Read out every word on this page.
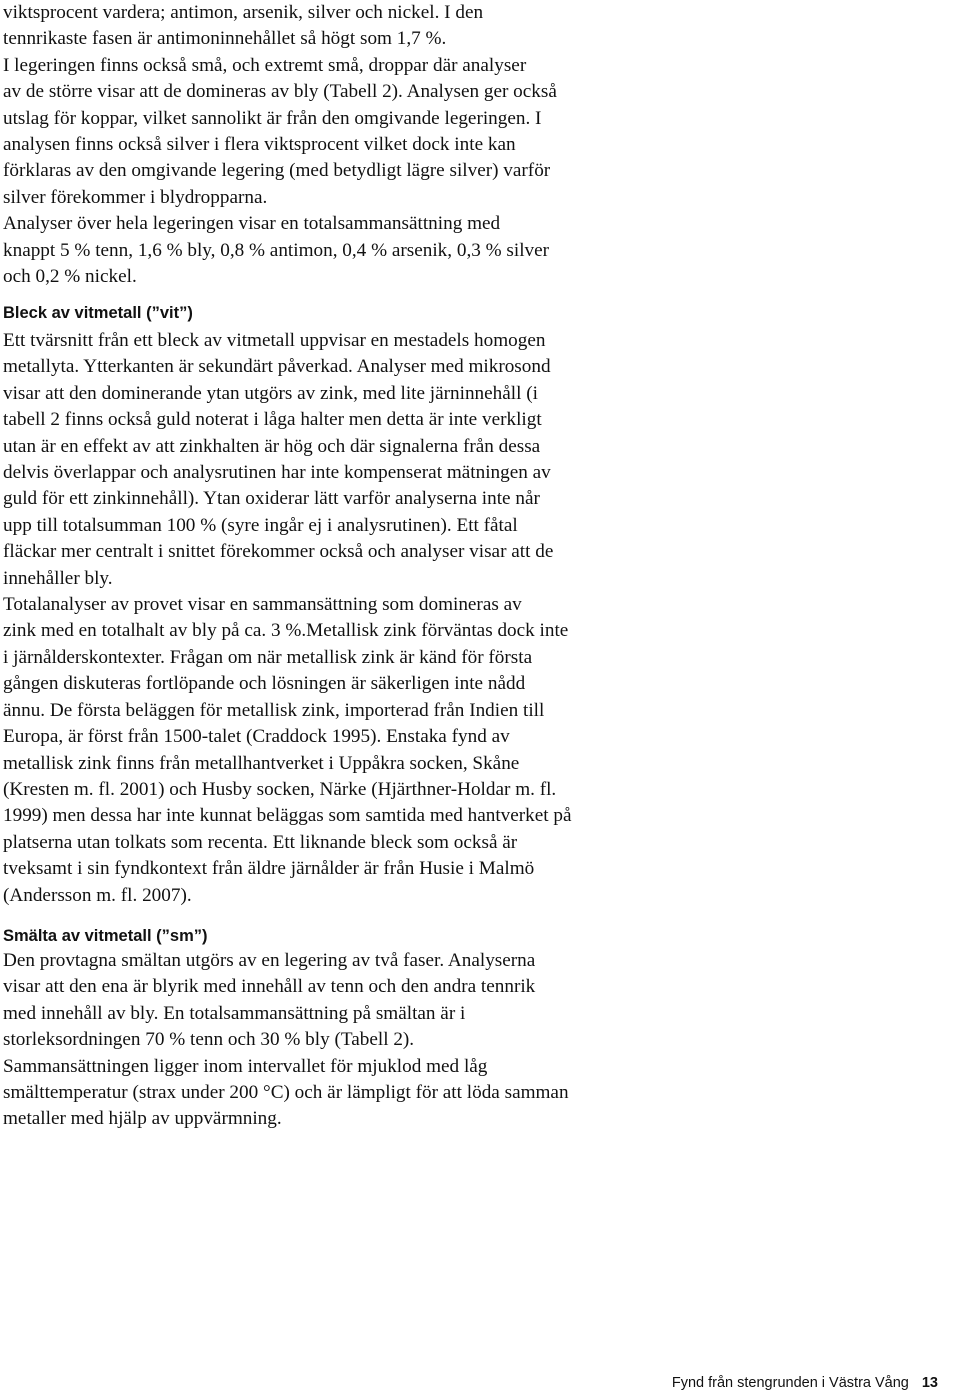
viktsprocent vardera; antimon, arsenik, silver och nickel. I den
tennrikaste fasen är antimoninnehållet så högt som 1,7 %.
I legeringen finns också små, och extremt små, droppar där analyser
av de större visar att de domineras av bly (Tabell 2). Analysen ger också
utslag för koppar, vilket sannolikt är från den omgivande legeringen. I
analysen finns också silver i flera viktsprocent vilket dock inte kan
förklaras av den omgivande legering (med betydligt lägre silver) varför
silver förekommer i blydropparna.
Analyser över hela legeringen visar en totalsammansättning med
knappt 5 % tenn, 1,6 % bly, 0,8 % antimon, 0,4 % arsenik, 0,3 % silver
och 0,2 % nickel.

Bleck av vitmetall (”vit”)

Ett tvärsnitt från ett bleck av vitmetall uppvisar en mestadels homogen
metallyta. Ytterkanten är sekundärt påverkad. Analyser med mikrosond
visar att den dominerande ytan utgörs av zink, med lite järninnehåll (i
tabell 2 finns också guld noterat i låga halter men detta är inte verkligt
utan är en effekt av att zinkhalten är hög och där signalerna från dessa
delvis överlappar och analysrutinen har inte kompenserat mätningen av
guld för ett zinkinnehåll). Ytan oxiderar lätt varför analyserna inte når
upp till totalsumman 100 % (syre ingår ej i analysrutinen). Ett fåtal
fläckar mer centralt i snittet förekommer också och analyser visar att de
innehåller bly.
Totalanalyser av provet visar en sammansättning som domineras av
zink med en totalhalt av bly på ca. 3 %.Metallisk zink förväntas dock inte
i järnålderskontexter. Frågan om när metallisk zink är känd för första
gången diskuteras fortlöpande och lösningen är säkerligen inte nådd
ännu. De första beläggen för metallisk zink, importerad från Indien till
Europa, är först från 1500-talet (Craddock 1995). Enstaka fynd av
metallisk zink finns från metallhantverket i Uppåkra socken, Skåne
(Kresten m. fl. 2001) och Husby socken, Närke (Hjärthner-Holdar m. fl.
1999) men dessa har inte kunnat beläggas som samtida med hantverket på
platserna utan tolkats som recenta. Ett liknande bleck som också är
tveksamt i sin fyndkontext från äldre järnålder är från Husie i Malmö
(Andersson m. fl. 2007).

Smälta av vitmetall (”sm”)

Den provtagna smältan utgörs av en legering av två faser. Analyserna
visar att den ena är blyrik med innehåll av tenn och den andra tennrik
med innehåll av bly. En totalsammansättning på smältan är i
storleksordningen 70 % tenn och 30 % bly (Tabell 2).
Sammansättningen ligger inom intervallet för mjuklod med låg
smälttemperatur (strax under 200 °C) och är lämpligt för att löda samman
metaller med hjälp av uppvärmning.

Fynd från stengrunden i Västra Vång 13
